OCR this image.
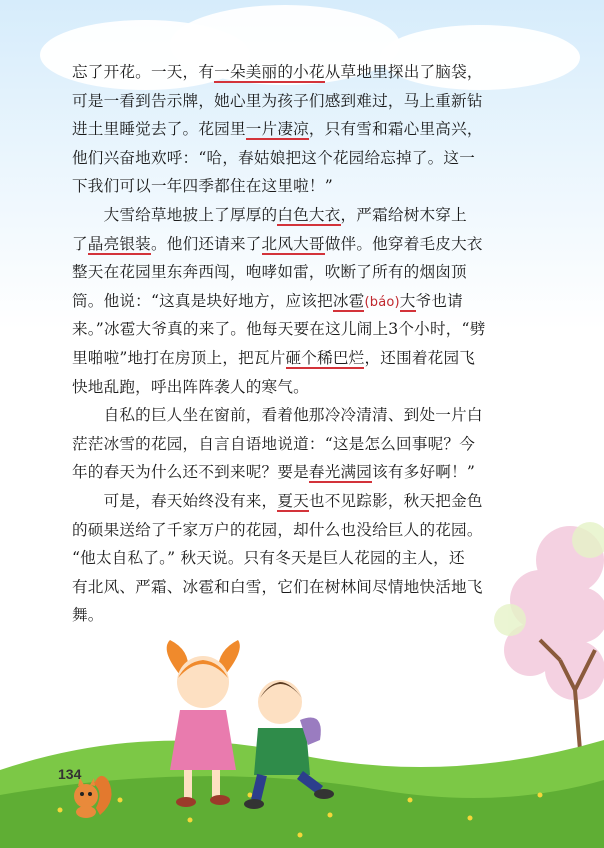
忘了开花。一天，有一朵美丽的小花从草地里探出了脑袋，
可是一看到告示牌，她心里为孩子们感到难过，马上重新钻
进土里睡觉去了。花园里一片凄凉，只有雪和霜心里高兴，
他们兴奋地欢呼：“哈，春姑娘把这个花园给忘掉了。这一
下我们可以一年四季都住在这里啦！”
　　大雪给草地披上了厚厚的白色大衣，严霜给树木穿上
了晶亮银装。他们还请来了北风大哥做伴。他穿着毛皮大衣
整天在花园里东奔西闯，咆哮如雷，吹断了所有的烟囱顶
筒。他说：“这真是块好地方，应该把冰雹(báo)大爷也请
来。”冰雹大爷真的来了。他每天要在这儿闹上3个小时，“劈
里啪啦”地打在房顶上，把瓦片砸个稀巴烂，还围着花园飞
快地乱跑，呼出阵阵袭人的寒气。
　　自私的巨人坐在窗前，看着他那冷冷清清、到处一片白
茫茫冰雪的花园，自言自语地说道：“这是怎么回事呢？今
年的春天为什么还不到来呢？要是春光满园该有多好啊！”
　　可是，春天始终没有来，夏天也不见踪影，秋天把金色
的硕果送给了千家万户的花园，却什么也没给巨人的花园。
“他太自私了。” 秋天说。只有冬天是巨人花园的主人，还
有北风、严霜、冰雹和白雪，它们在树林间尽情地快活地飞
舞。
134
